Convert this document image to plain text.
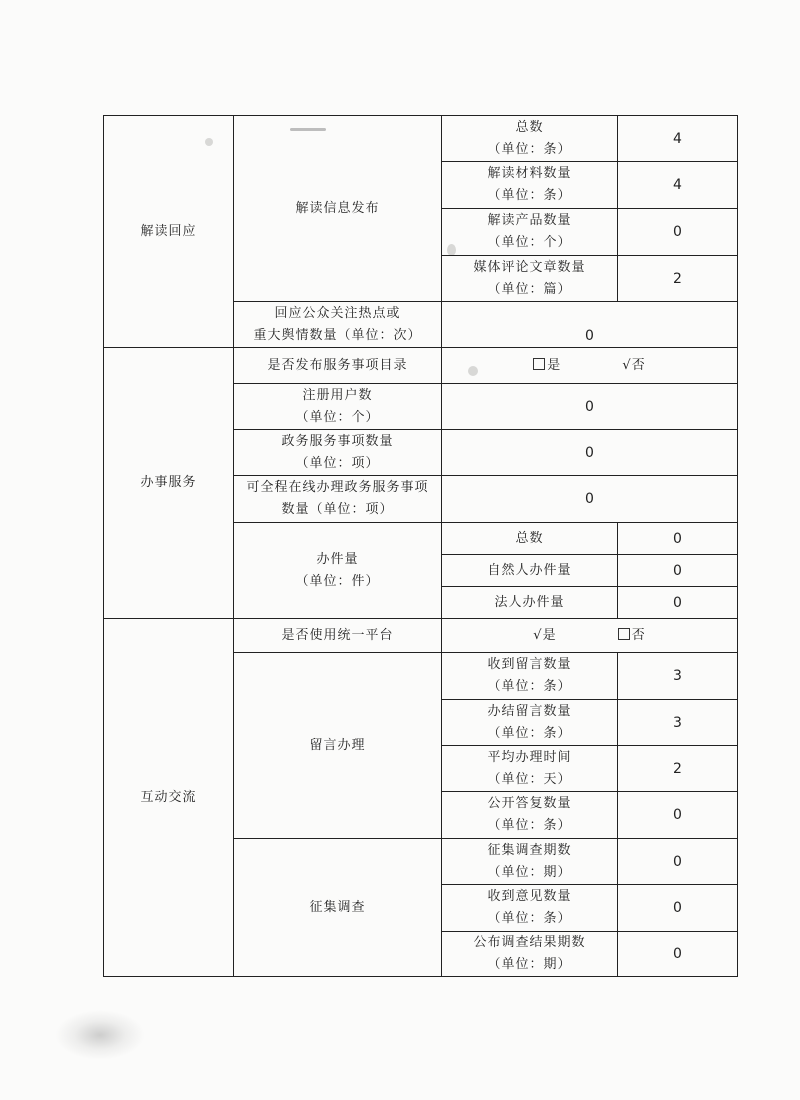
解读回应	解读信息发布	总数
（单位：条）	4

		解读材料数量
（单位：条）	4

		解读产品数量
（单位：个）	0

		媒体评论文章数量
（单位：篇）	2

	回应公众关注热点或
重大舆情数量（单位：次）	0	
办事服务	是否发布服务事项目录	是 √否	

	注册用户数
（单位：个）	0	

	政务服务事项数量
（单位：项）	0	

	可全程在线办理政务服务事项
数量（单位：项）	0	

	办件量
（单位：件）	总数	0
		自然人办件量	0
		法人办件量	0
互动交流	是否使用统一平台	√是 否	
	留言办理	收到留言数量
（单位：条）	3

		办结留言数量
（单位：条）	3

		平均办理时间
（单位：天）	2

		公开答复数量
（单位：条）	0
	征集调查	征集调查期数
（单位：期）	0

		收到意见数量
（单位：条）	0

		公布调查结果期数
（单位：期）	0
